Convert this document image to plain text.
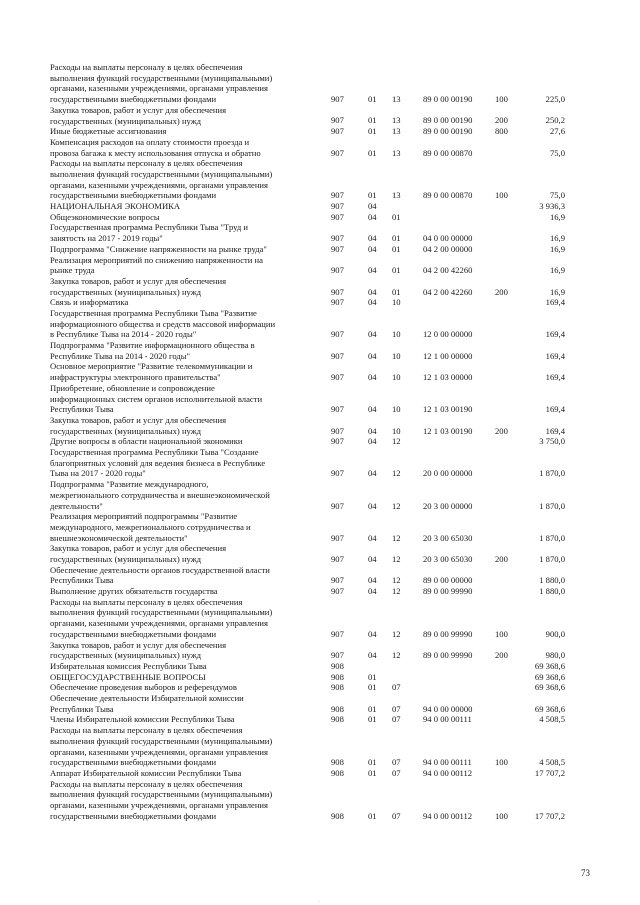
Расходы на выплаты персоналу в целях обеспечения
выполнения функций государственными (муниципальными)
органами, казенными учреждениями, органами управления
государственными внебюджетными фондами	907	01 13	89 0 00 00190	100	225,0
Закупка товаров, работ и услуг для обеспечения
государственных (муниципальных) нужд	907	01 13	89 0 00 00190	200	250,2
Иные бюджетные ассигнования	907	01 13	89 0 00 00190	800	27,6
Компенсация расходов на оплату стоимости проезда и
провоза багажа к месту использования отпуска и обратно	907	01 13	89 0 00 00870	75,0
Расходы на выплаты персоналу в целях обеспечения
выполнения функций государственными (муниципальными)
органами, казенными учреждениями, органами управления
государственными внебюджетными фондами	907	01 13	89 0 00 00870	100	75,0
НАЦИОНАЛЬНАЯ ЭКОНОМИКА	907	04	3 936,3
Общеэкономические вопросы	907	04 01	16,9
Государственная программа Республики Тыва "Труд и
занятость на 2017 - 2019 годы"	907	04 01	04 0 00 00000	16,9
Подпрограмма "Снижение напряженности на рынке труда"	907	04 01	04 2 00 00000	16,9
Реализация мероприятий по снижению напряженности на
рынке труда	907	04 01	04 2 00 42260	16,9
Закупка товаров, работ и услуг для обеспечения
государственных (муниципальных) нужд	907	04 01	04 2 00 42260	200	16,9
Связь и информатика	907	04 10	169,4
Государственная программа Республики Тыва "Развитие
информационного общества и средств массовой информации
в Республике Тыва на 2014 - 2020 годы"	907	04 10	12 0 00 00000	169,4
Подпрограмма "Развитие информационного общества в
Республике Тыва на 2014 - 2020 годы"	907	04 10	12 1 00 00000	169,4
Основное мероприятие "Развитие телекоммуникации и
инфраструктуры электронного правительства"	907	04 10	12 1 03 00000	169,4
Приобретение, обновление и сопровождение
информационных систем органов исполнительной власти
Республики Тыва	907	04 10	12 1 03 00190	169,4
Закупка товаров, работ и услуг для обеспечения
государственных (муниципальных) нужд	907	04 10	12 1 03 00190	200	169,4
Другие вопросы в области национальной экономики	907	04 12	3 750,0
Государственная программа Республики Тыва "Создание
благоприятных условий для ведения бизнеса в Республике
Тыва на 2017 - 2020 годы"	907	04 12	20 0 00 00000	1 870,0
Подпрограмма "Развитие международного,
межрегионального сотрудничества и внешнеэкономической
деятельности"	907	04 12	20 3 00 00000	1 870,0
Реализация мероприятий подпрограммы "Развитие
международного, межрегионального сотрудничества и
внешнеэкономической деятельности"	907	04 12	20 3 00 65030	1 870,0
Закупка товаров, работ и услуг для обеспечения
государственных (муниципальных) нужд	907	04 12	20 3 00 65030	200	1 870,0
Обеспечение деятельности органов государственной власти
Республики Тыва	907	04 12	89 0 00 00000	1 880,0
Выполнение других обязательств государства	907	04 12	89 0 00 99990	1 880,0
Расходы на выплаты персоналу в целях обеспечения
выполнения функций государственными (муниципальными)
органами, казенными учреждениями, органами управления
государственными внебюджетными фондами	907	04 12	89 0 00 99990	100	900,0
Закупка товаров, работ и услуг для обеспечения
государственных (муниципальных) нужд	907	04 12	89 0 00 99990	200	980,0
Избирательная комиссия Республики Тыва	908	69 368,6
ОБЩЕГОСУДАРСТВЕННЫЕ ВОПРОСЫ	908	01	69 368,6
Обеспечение проведения выборов и референдумов	908	01 07	69 368,6
Обеспечение деятельности Избирательной комиссии
Республики Тыва	908	01 07	94 0 00 00000	69 368,6
Члены Избирательной комиссии Республики Тыва	908	01 07	94 0 00 00111	4 508,5
Расходы на выплаты персоналу в целях обеспечения
выполнения функций государственными (муниципальными)
органами, казенными учреждениями, органами управления
государственными внебюджетными фондами	908	01 07	94 0 00 00111	100	4 508,5
Аппарат Избирательной комиссии Республики Тыва	908	01 07	94 0 00 00112	17 707,2
Расходы на выплаты персоналу в целях обеспечения
выполнения функций государственными (муниципальными)
органами, казенными учреждениями, органами управления
государственными внебюджетными фондами	908	01 07	94 0 00 00112	100	17 707,2
73
·
